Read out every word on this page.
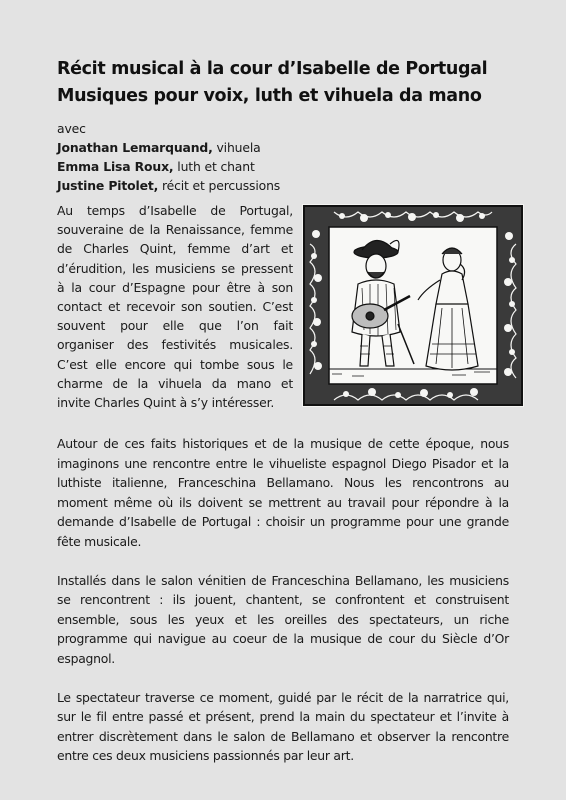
Récit musical à la cour d’Isabelle de Portugal
Musiques pour voix, luth et vihuela da mano
avec
Jonathan Lemarquand, vihuela
Emma Lisa Roux, luth et chant
Justine Pitolet, récit et percussions
Au temps d’Isabelle de Portugal, souveraine de la Renaissance, femme de Charles Quint, femme d’art et d’érudition, les musiciens se pressent à la cour d’Espagne pour être à son contact et recevoir son soutien. C’est souvent pour elle que l’on fait organiser des festivités musicales. C’est elle encore qui tombe sous le charme de la vihuela da mano et invite Charles Quint à s’y intéresser.

Autour de ces faits historiques et de la musique de cette époque, nous imaginons une rencontre entre le vihueliste espagnol Diego Pisador et la luthiste italienne, Franceschina Bellamano. Nous les rencontrons au moment même où ils doivent se mettrent au travail pour répondre à la demande d’Isabelle de Portugal : choisir un programme pour une grande fête musicale.

Installés dans le salon vénitien de Franceschina Bellamano, les musiciens se rencontrent : ils jouent, chantent, se confrontent et construisent ensemble, sous les yeux et les oreilles des spectateurs, un riche programme qui navigue au coeur de la musique de cour du Siècle d’Or espagnol.

Le spectateur traverse ce moment, guidé par le récit de la narratrice qui, sur le fil entre passé et présent, prend la main du spectateur et l’invite à entrer discrètement dans le salon de Bellamano et observer la rencontre entre ces deux musiciens passionnés par leur art.
